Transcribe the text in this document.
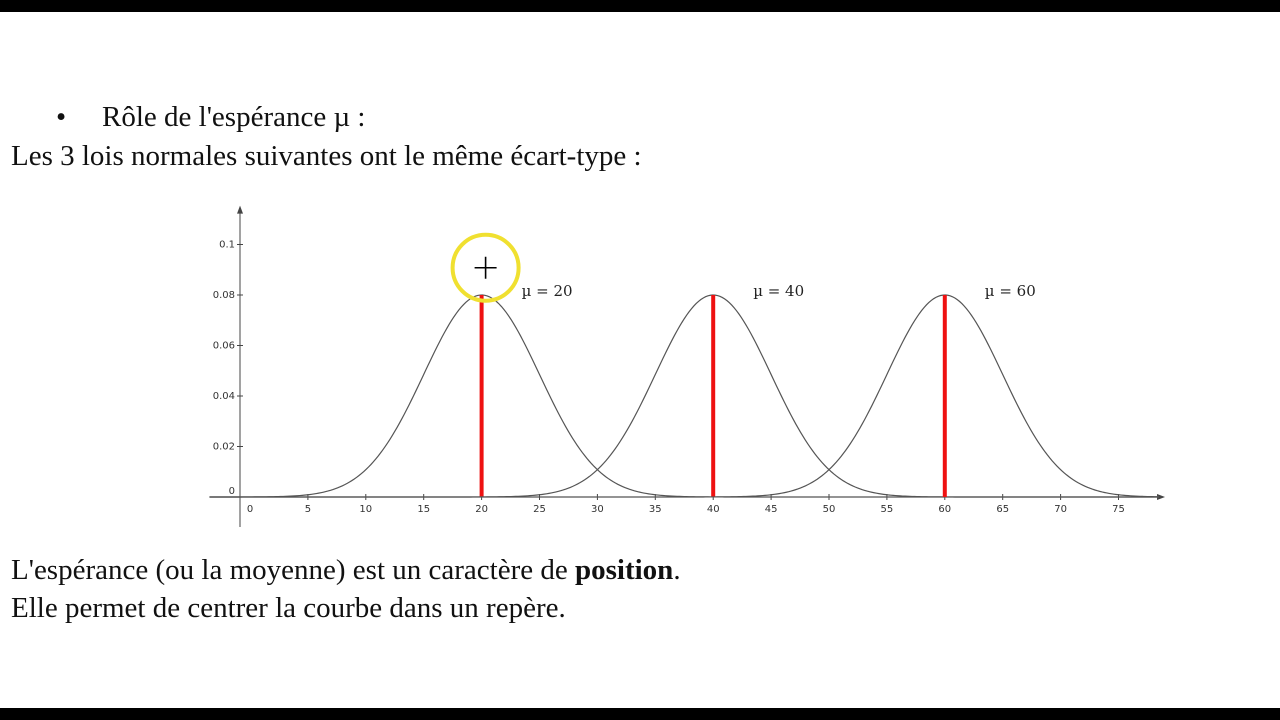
• Rôle de l'espérance µ :
Les 3 lois normales suivantes ont le même écart-type :
0	5	10	15	20	25	30	35	40	45	50	55	60	65	70	75
0
0.02
0.04
0.06
0.08
0.1
µ = 20	µ = 40	µ = 60
L'espérance (ou la moyenne) est un caractère de position.
Elle permet de centrer la courbe dans un repère.
